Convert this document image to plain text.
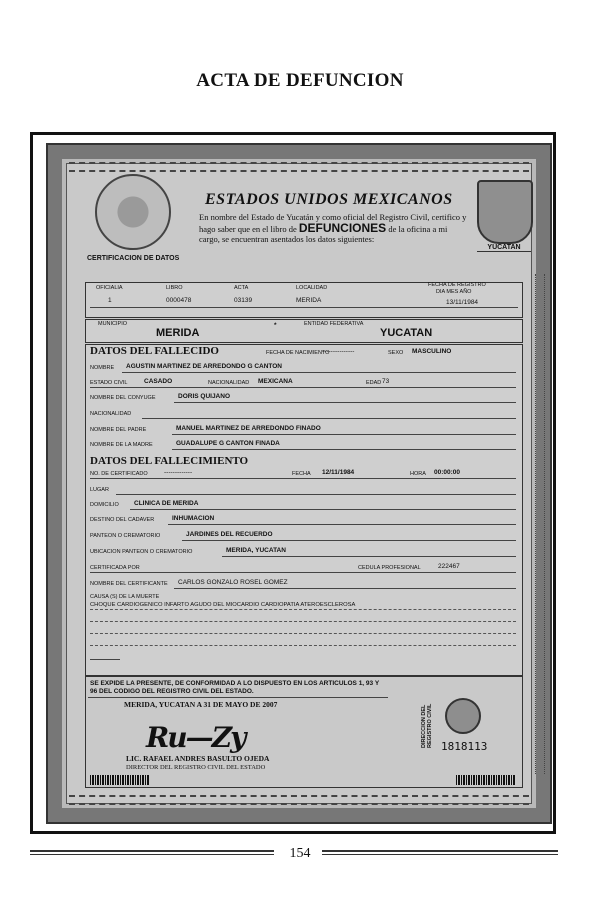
ACTA DE DEFUNCION
CERTIFICACION DE DATOS
ESTADOS UNIDOS MEXICANOS
En nombre del Estado de Yucatán y como oficial del Registro Civil, certifico y hago saber que en el libro de DEFUNCIONES de la oficina a mi cargo, se encuentran asentados los datos siguientes:
YUCATAN
OFICIALIA
1
LIBRO
0000478
ACTA
03139
LOCALIDAD
MERIDA
FECHA DE REGISTRO
DIA MES AÑO
13/11/1984
MUNICIPIO
MERIDA
*	ENTIDAD FEDERATIVA
YUCATAN
DATOS DEL FALLECIDO	FECHA DE NACIMIENTO
---------------	SEXO MASCULINO
NOMBRE AGUSTIN MARTINEZ DE ARREDONDO G CANTON
ESTADO CIVIL	CASADO	NACIONALIDAD MEXICANA	EDAD 73
NOMBRE DEL CONYUGE	DORIS QUIJANO
NACIONALIDAD
NOMBRE DEL PADRE	MANUEL MARTINEZ DE ARREDONDO FINADO
NOMBRE DE LA MADRE	GUADALUPE G CANTON FINADA
DATOS DEL FALLECIMIENTO
NO. DE CERTIFICADO	-------------	FECHA 12/11/1984	HORA 00:00:00
LUGAR
DOMICILIO CLINICA DE MERIDA
DESTINO DEL CADAVER	INHUMACION
PANTEON O CREMATORIO	JARDINES DEL RECUERDO
UBICACION PANTEON O CREMATORIO	MERIDA, YUCATAN
CERTIFICADA POR	CEDULA PROFESIONAL	222467
NOMBRE DEL CERTIFICANTE CARLOS GONZALO ROSEL GOMEZ
CAUSA (S) DE LA MUERTE
CHOQUE CARDIOGENICO INFARTO AGUDO DEL MIOCARDIO CARDIOPATIA ATEROESCLEROSA
SE EXPIDE LA PRESENTE, DE CONFORMIDAD A LO DISPUESTO EN LOS ARTICULOS 1, 93 Y 96 DEL CODIGO DEL REGISTRO CIVIL DEL ESTADO.
MERIDA, YUCATAN A 31 DE MAYO DE 2007
Ru—Zy
LIC. RAFAEL ANDRES BASULTO OJEDA
DIRECTOR DEL REGISTRO CIVIL DEL ESTADO
DIRECCION DEL REGISTRO CIVIL 1818113
154
